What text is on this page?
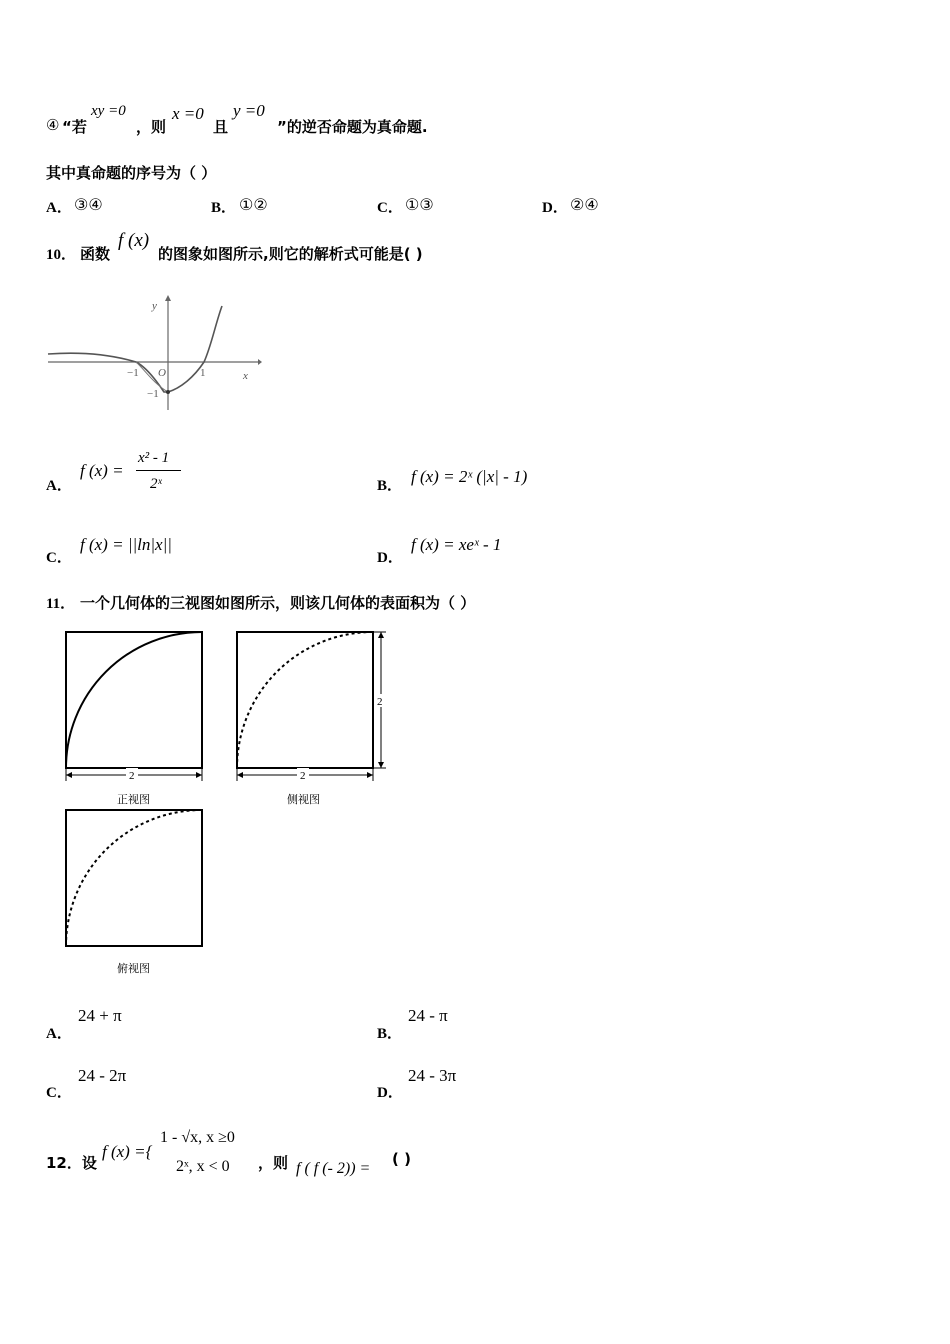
④ “若
xy =0
，则
x =0
且
y =0
”的逆否命题为真命题.
其中真命题的序号为（ ）
A． ③④	B． ①②	C． ①③	D． ②④
10． 函数
f (x)
的图象如图所示,则它的解析式可能是( )
y
x
O
−1	1
−1
A．
f (x) =
x² - 1
2ˣ	B． f (x) = 2ˣ (|x| - 1)
C．
f (x) = ||ln|x||
D．
f (x) = xeˣ - 1
11． 一个几何体的三视图如图所示，则该几何体的表面积为（ ）
2
正视图
2
2
侧视图
俯视图
A．
24 + π
B．
24 - π
C．
24 - 2π
D．
24 - 3π
12．设
f (x) ={
1 - √x, x ≥0
2ˣ, x < 0 ，则 f ( f (- 2)) =
( )
